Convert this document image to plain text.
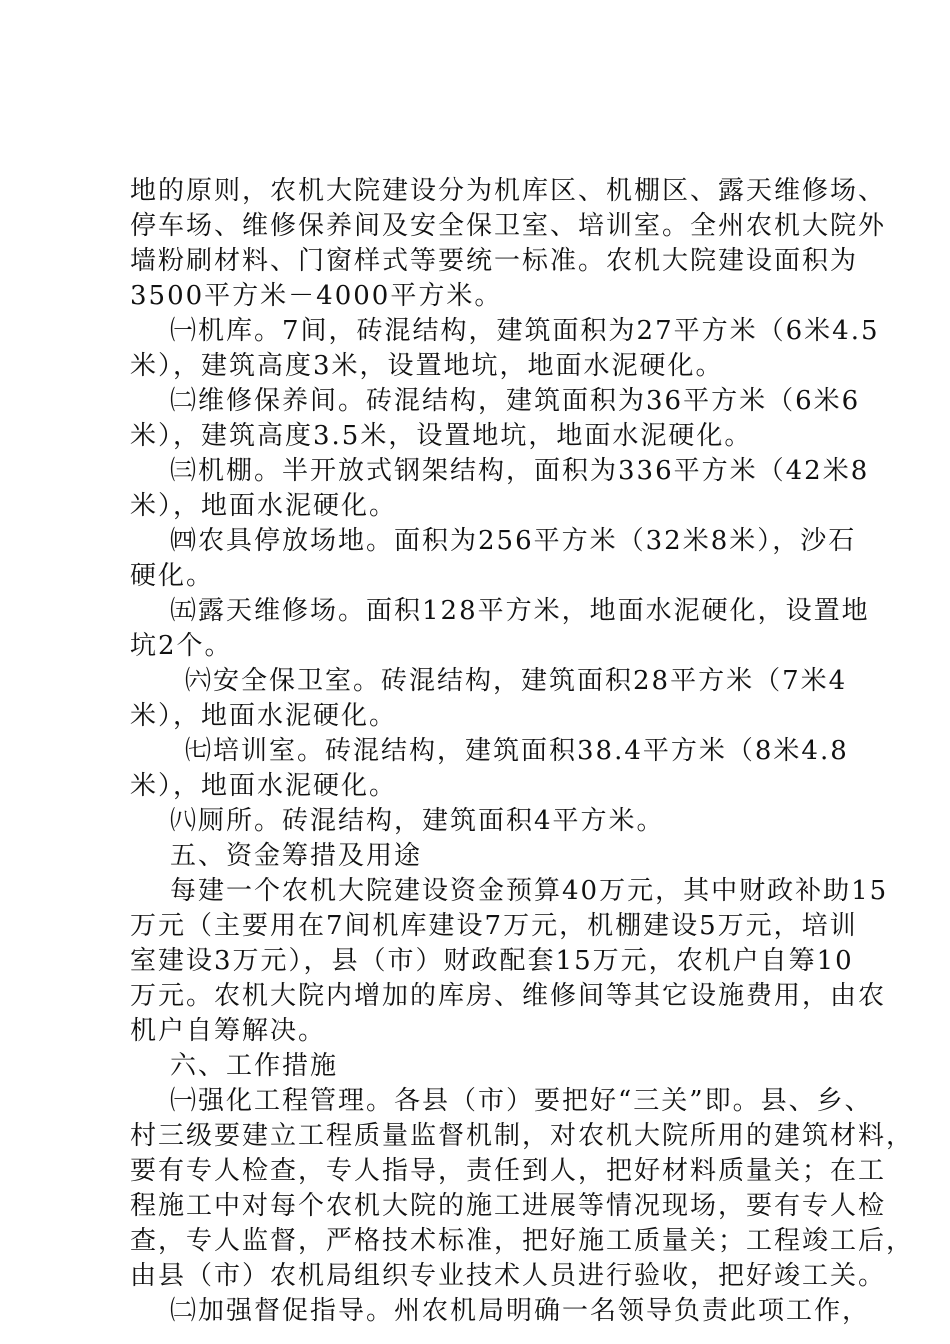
地的原则，农机大院建设分为机库区、机棚区、露天维修场、
停车场、维修保养间及安全保卫室、培训室。全州农机大院外
墙粉刷材料、门窗样式等要统一标准。农机大院建设面积为
3500平方米－4000平方米。
㈠机库。7间，砖混结构，建筑面积为27平方米（6米4.5
米），建筑高度3米，设置地坑，地面水泥硬化。
㈡维修保养间。砖混结构，建筑面积为36平方米（6米6
米），建筑高度3.5米，设置地坑，地面水泥硬化。
㈢机棚。半开放式钢架结构，面积为336平方米（42米8
米），地面水泥硬化。
㈣农具停放场地。面积为256平方米（32米8米），沙石
硬化。
㈤露天维修场。面积128平方米，地面水泥硬化，设置地
坑2个。
㈥安全保卫室。砖混结构，建筑面积28平方米（7米4
米），地面水泥硬化。
㈦培训室。砖混结构，建筑面积38.4平方米（8米4.8
米），地面水泥硬化。
㈧厕所。砖混结构，建筑面积4平方米。
五、资金筹措及用途
每建一个农机大院建设资金预算40万元，其中财政补助15
万元（主要用在7间机库建设7万元，机棚建设5万元，培训
室建设3万元），县（市）财政配套15万元，农机户自筹10
万元。农机大院内增加的库房、维修间等其它设施费用，由农
机户自筹解决。
六、工作措施
㈠强化工程管理。各县（市）要把好“三关”即。县、乡、
村三级要建立工程质量监督机制，对农机大院所用的建筑材料，
要有专人检查，专人指导，责任到人，把好材料质量关；在工
程施工中对每个农机大院的施工进展等情况现场，要有专人检
查，专人监督，严格技术标准，把好施工质量关；工程竣工后，
由县（市）农机局组织专业技术人员进行验收，把好竣工关。
㈡加强督促指导。州农机局明确一名领导负责此项工作，
